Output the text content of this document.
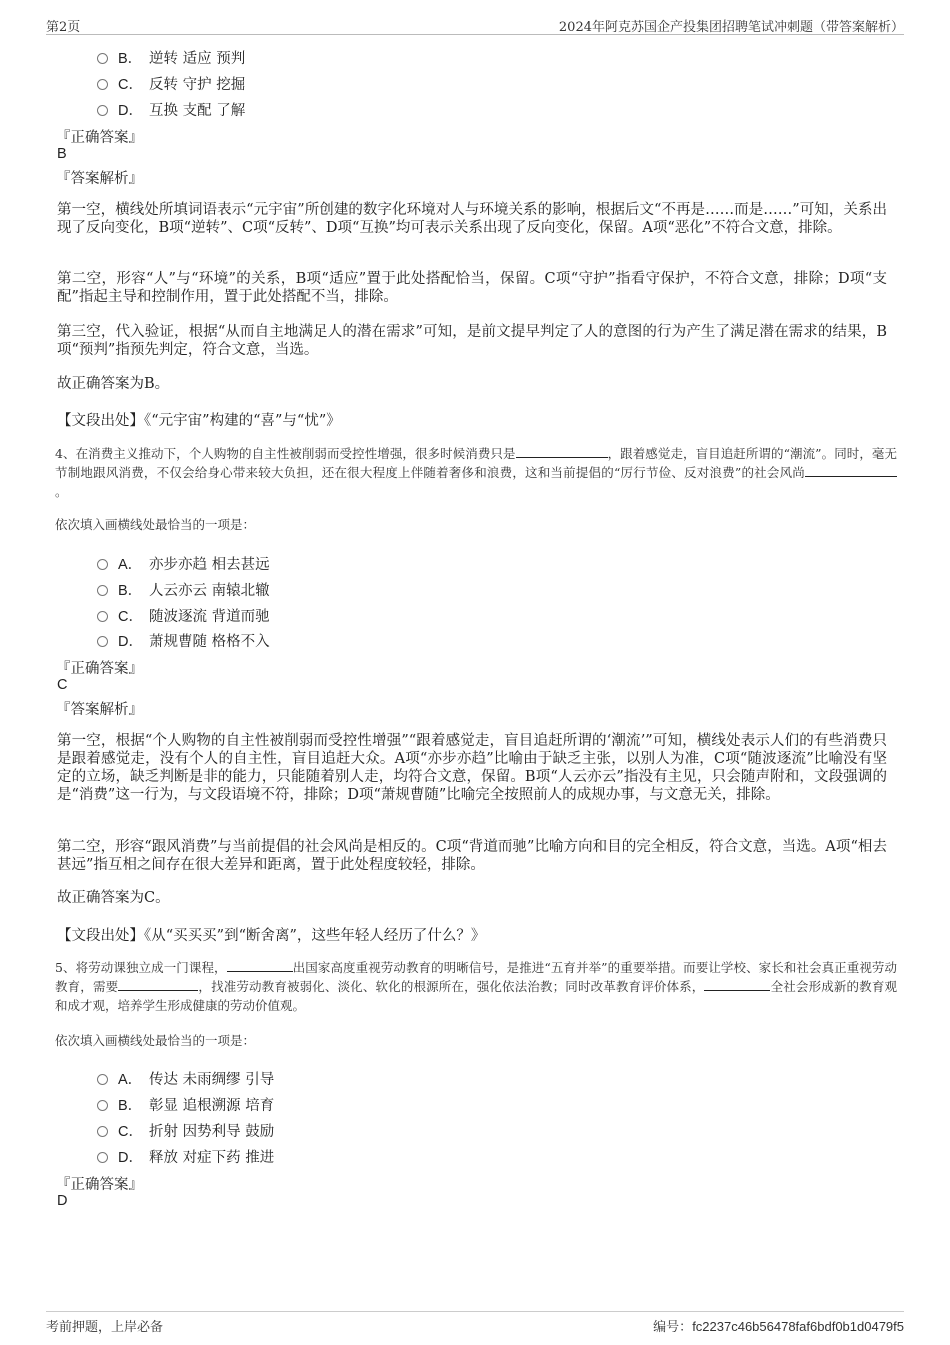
第2页	2024年阿克苏国企产投集团招聘笔试冲刺题（带答案解析）
B． 逆转 适应 预判
C． 反转 守护 挖掘
D． 互换 支配 了解
『正确答案』
B
『答案解析』

第一空，横线处所填词语表示“元宇宙”所创建的数字化环境对人与环境关系的影响，根据后文“不再是……而是……”可知，关系出现了反向变化，B项“逆转”、C项“反转”、D项“互换”均可表示关系出现了反向变化，保留。A项“恶化”不符合文意，排除。

第二空，形容“人”与“环境”的关系，B项“适应”置于此处搭配恰当，保留。C项“守护”指看守保护，不符合文意，排除；D项“支配”指起主导和控制作用，置于此处搭配不当，排除。

第三空，代入验证，根据“从而自主地满足人的潜在需求”可知，是前文提早判定了人的意图的行为产生了满足潜在需求的结果，B项“预判”指预先判定，符合文意，当选。

故正确答案为B。

【文段出处】《“元宇宙”构建的“喜”与“忧”》

4、在消费主义推动下，个人购物的自主性被削弱而受控性增强，很多时候消费只是	，跟着感觉走，盲目追赶所谓的“潮流”。同时，毫无节制地跟风消费，不仅会给身心带来较大负担，还在很大程度上伴随着奢侈和浪费，这和当前提倡的“厉行节俭、反对浪费”的社会风尚。

依次填入画横线处最恰当的一项是：
A． 亦步亦趋 相去甚远
B． 人云亦云 南辕北辙
C． 随波逐流 背道而驰
D． 萧规曹随 格格不入
『正确答案』
C
『答案解析』

第一空，根据“个人购物的自主性被削弱而受控性增强”“跟着感觉走，盲目追赶所谓的‘潮流’”可知，横线处表示人们的有些消费只是跟着感觉走，没有个人的自主性，盲目追赶大众。A项“亦步亦趋”比喻由于缺乏主张，以别人为准，C项“随波逐流”比喻没有坚定的立场，缺乏判断是非的能力，只能随着别人走，均符合文意，保留。B项“人云亦云”指没有主见，只会随声附和，文段强调的是“消费”这一行为，与文段语境不符，排除；D项“萧规曹随”比喻完全按照前人的成规办事，与文意无关，排除。

第二空，形容“跟风消费”与当前提倡的社会风尚是相反的。C项“背道而驰”比喻方向和目的完全相反，符合文意，当选。A项“相去甚远”指互相之间存在很大差异和距离，置于此处程度较轻，排除。

故正确答案为C。

【文段出处】《从“买买买”到“断舍离”，这些年轻人经历了什么？》

5、将劳动课独立成一门课程，	出国家高度重视劳动教育的明晰信号，是推进“五育并举”的重要举措。而要让学校、家长和社会真正重视劳动教育，需要	，找准劳动教育被弱化、淡化、软化的根源所在，强化依法治教；同时改革教育评价体系，	全社会形成新的教育观和成才观，培养学生形成健康的劳动价值观。

依次填入画横线处最恰当的一项是：
A． 传达 未雨绸缪 引导
B． 彰显 追根溯源 培育
C． 折射 因势利导 鼓励
D． 释放 对症下药 推进
『正确答案』
D
考前押题，上岸必备	编号：fc2237c46b56478faf6bdf0b1d0479f5
